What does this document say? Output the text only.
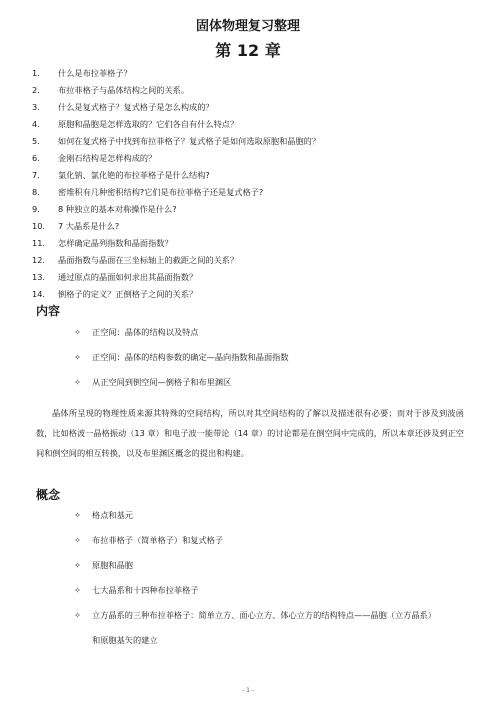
固体物理复习整理
第 12 章
1. 什么是布拉菲格子？
2. 布拉菲格子与晶体结构之间的关系。
3. 什么是复式格子？复式格子是怎么构成的？
4. 原胞和晶胞是怎样选取的？它们各自有什么特点？
5. 如何在复式格子中找到布拉菲格子？复式格子是如何选取原胞和晶胞的？
6. 金刚石结构是怎样构成的？
7. 氯化钠、氯化铯的布拉菲格子是什么结构?
8. 密堆积有几种密积结构?它们是布拉菲格子还是复式格子?
9. 8 种独立的基本对称操作是什么?
10. 7 大晶系是什么?
11. 怎样确定晶列指数和晶面指数？
12. 晶面指数与晶面在三坐标轴上的截距之间的关系？
13. 通过原点的晶面如何求出其晶面指数？
14. 倒格子的定义？正倒格子之间的关系？
内容
✧ 正空间：晶体的结构以及特点
✧ 正空间：晶体的结构参数的确定—晶向指数和晶面指数
✧ 从正空间到倒空间—倒格子和布里渊区
晶体所呈现的物理性质来源其特殊的空间结构，所以对其空间结构的了解以及描述很有必要；而对于涉及到波函数，比如格波一晶格振动（13 章）和电子波一能带论（14 章）的讨论都是在倒空间中完成的，所以本章还涉及到正空间和倒空间的相互转换，以及布里渊区概念的提出和构建。
概念
✧ 格点和基元
✧ 布拉菲格子（简单格子）和复式格子
✧ 原胞和晶胞
✧ 七大晶系和十四种布拉菲格子
✧ 立方晶系的三种布拉菲格子：简单立方、面心立方、体心立方的结构特点——晶胞（立方晶系）
和原胞基矢的建立
- 1 -
